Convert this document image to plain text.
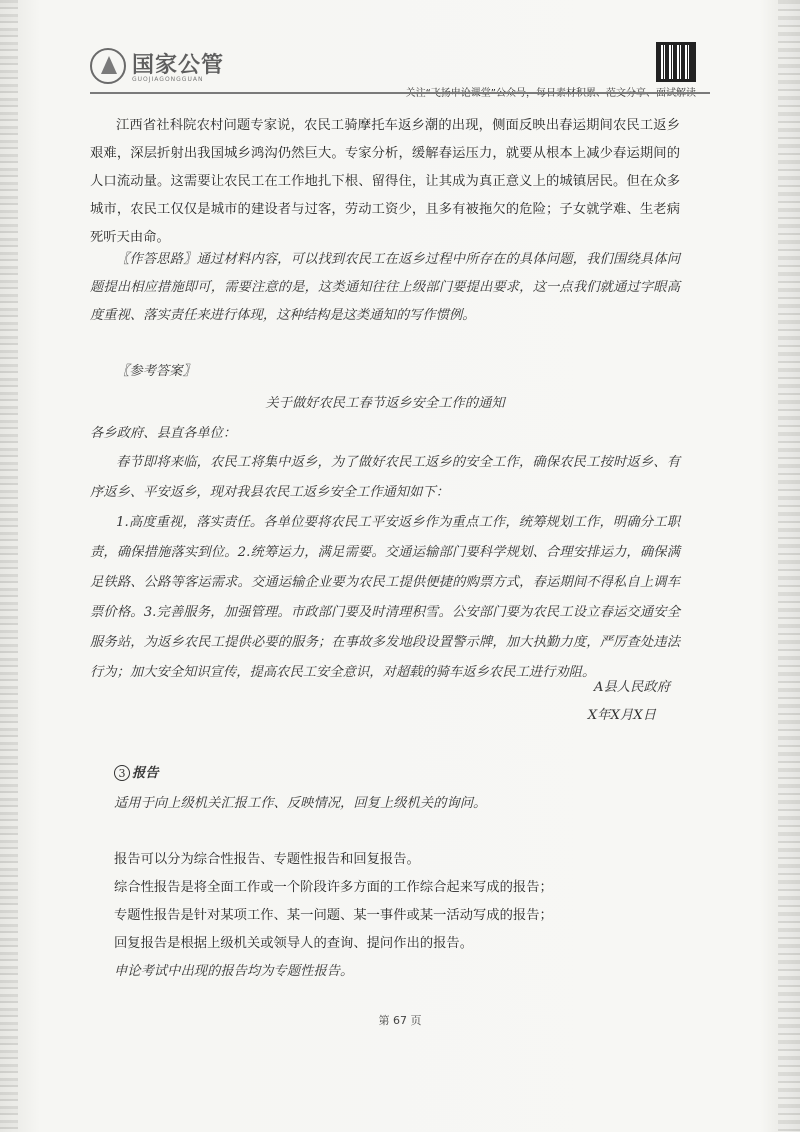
国家公管
GUOJIAGONGGUAN

江西省社科院农村问题专家说，农民工骑摩托车返乡潮的出现，侧面反映出春运期间农民工返乡艰难，深层折射出我国城乡鸿沟仍然巨大。专家分析，缓解春运压力，就要从根本上减少春运期间的人口流动量。这需要让农民工在工作地扎下根、留得住，让其成为真正意义上的城镇居民。但在众多城市，农民工仅仅是城市的建设者与过客，劳动工资少，且多有被拖欠的危险；子女就学难、生老病死听天由命。

〖作答思路〗通过材料内容，可以找到农民工在返乡过程中所存在的具体问题，我们围绕具体问题提出相应措施即可，需要注意的是，这类通知往往上级部门要提出要求，这一点我们就通过字眼高度重视、落实责任来进行体现，这种结构是这类通知的写作惯例。

〖参考答案〗

关于做好农民工春节返乡安全工作的通知

各乡政府、县直各单位：

春节即将来临，农民工将集中返乡，为了做好农民工返乡的安全工作，确保农民工按时返乡、有序返乡、平安返乡，现对我县农民工返乡安全工作通知如下：

1.高度重视，落实责任。各单位要将农民工平安返乡作为重点工作，统筹规划工作，明确分工职责，确保措施落实到位。2.统筹运力，满足需要。交通运输部门要科学规划、合理安排运力，确保满足铁路、公路等客运需求。交通运输企业要为农民工提供便捷的购票方式，春运期间不得私自上调车票价格。3.完善服务，加强管理。市政部门要及时清理积雪。公安部门要为农民工设立春运交通安全服务站，为返乡农民工提供必要的服务；在事故多发地段设置警示牌，加大执勤力度，严厉查处违法行为；加大安全知识宣传，提高农民工安全意识，对超载的骑车返乡农民工进行劝阻。

A县人民政府

X年X月X日

3 报告

适用于向上级机关汇报工作、反映情况，回复上级机关的询问。

报告可以分为综合性报告、专题性报告和回复报告。

综合性报告是将全面工作或一个阶段许多方面的工作综合起来写成的报告；

专题性报告是针对某项工作、某一问题、某一事件或某一活动写成的报告；

回复报告是根据上级机关或领导人的查询、提问作出的报告。

申论考试中出现的报告均为专题性报告。

第 67 页
